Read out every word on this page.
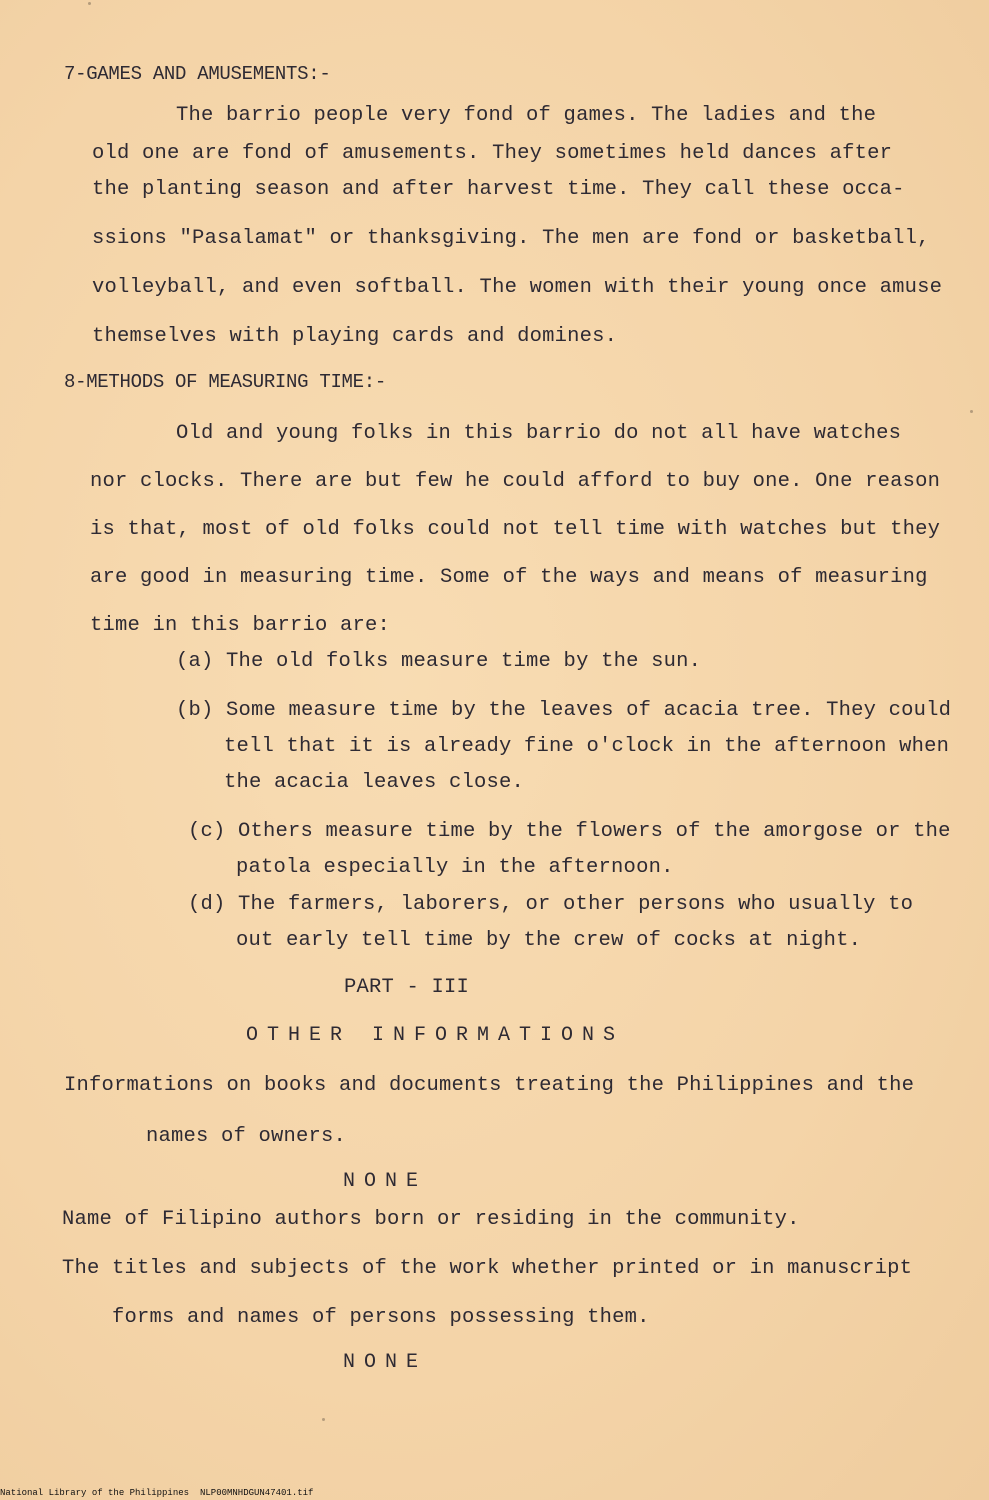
7-GAMES AND AMUSEMENTS:-
The barrio people very fond of games. The ladies and the
old one are fond of amusements. They sometimes held dances after
the planting season and after harvest time. They call these occa-
ssions "Pasalamat" or thanksgiving. The men are fond or basketball,
volleyball, and even softball. The women with their young once amuse
themselves with playing cards and domines.
8-METHODS OF MEASURING TIME:-
Old and young folks in this barrio do not all have watches
nor clocks. There are but few he could afford to buy one. One reason
is that, most of old folks could not tell time with watches but they
are good in measuring time. Some of the ways and means of measuring
time in this barrio are:
(a) The old folks measure time by the sun.
(b) Some measure time by the leaves of acacia tree. They could
tell that it is already fine o'clock in the afternoon when
the acacia leaves close.
(c) Others measure time by the flowers of the amorgose or the
patola especially in the afternoon.
(d) The farmers, laborers, or other persons who usually to
out early tell time by the crew of cocks at night.
PART - III
OTHER INFORMATIONS
Informations on books and documents treating the Philippines and the
names of owners.
NONE
Name of Filipino authors born or residing in the community.
The titles and subjects of the work whether printed or in manuscript
forms and names of persons possessing them.
NONE
National Library of the Philippines NLP00MNHDGUN47401.tif
